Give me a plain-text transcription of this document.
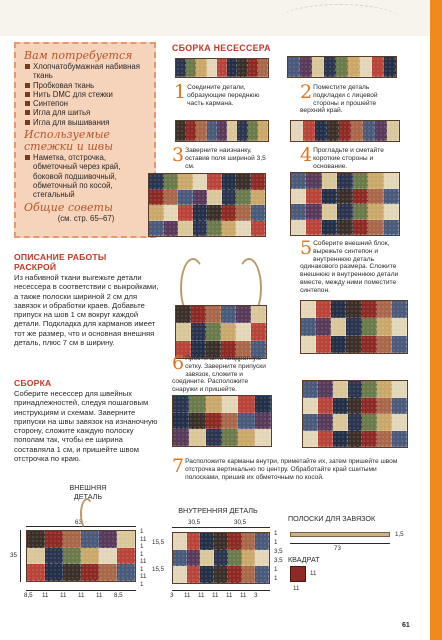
Вам потребуется
Хлопчатобумажная набивная ткань
Пробковая ткань
Нить DMC для стежки
Синтепон
Игла для шитья
Игла для вышивания
Используемые стежки и швы
Наметка, отстрочка, обметочный через край, боковой подшивочный, обметочный по косой, стегальный
Общие советы
(см. стр. 65–67)
ОПИСАНИЕ РАБОТЫ
РАСКРОЙ
Из набивной ткани выrежьте детали несессера в соответствии с выкройками, а также полоски шириной 2 см для завязок и обработки краев. Добавьте припуск на шов 1 см вокруг каждой детали. Подкладка для карманов имеет тот же размер, что и основная внешняя деталь, плюс 7 см в ширину.
СБОРКА
Соберите несессер для швейных принадлежностей, следуя пошаговым инструкциям и схемам. Заверните припуски на швы завязок на изнаночную сторону, сложите каждую полоску пополам так, чтобы ее ширина составляла 1 см, и пришейте швом отстрочка по краю.
СБОРКА НЕСЕССЕРА
1 Соедините детали, образующие переднюю часть кармана.
2 Поместите деталь подкладки с лицевой стороны и прошейте верхний край.
3 Заверните наизнанку, оставив поля шириной 3,5 см.
4 Прогладьте и сметайте короткие стороны и основание.
5 Соберите внешний блок, вырежьте синтепон и внутреннюю деталь одинакового размера. Сложите внешнюю и внутреннюю детали вместе, между ними поместите синтепон.
6 Простегайте квадратную сетку. Заверните припуски завязок, сложите и соедините. Расположите снаружи и пришейте.
7 Расположите карманы внутри, приметайте их, затем пришейте швом отстрочка вертикально по центру. Обработайте край сшитыми полосками, пришив их обметочным по косой.
ВНЕШНЯЯ ДЕТАЛЬ
63
35
8,5 11 11 11 11 8,5
1
11
1
1
11
1
11
1
ВНУТРЕННЯЯ ДЕТАЛЬ
30,5	30,5
15,5
15,5
3 11 11 11 11 11 3
1
1
3,5
3,5
1
1
ПОЛОСКИ ДЛЯ ЗАВЯЗОК
73
1,5
КВАДРАТ
11
11
61
